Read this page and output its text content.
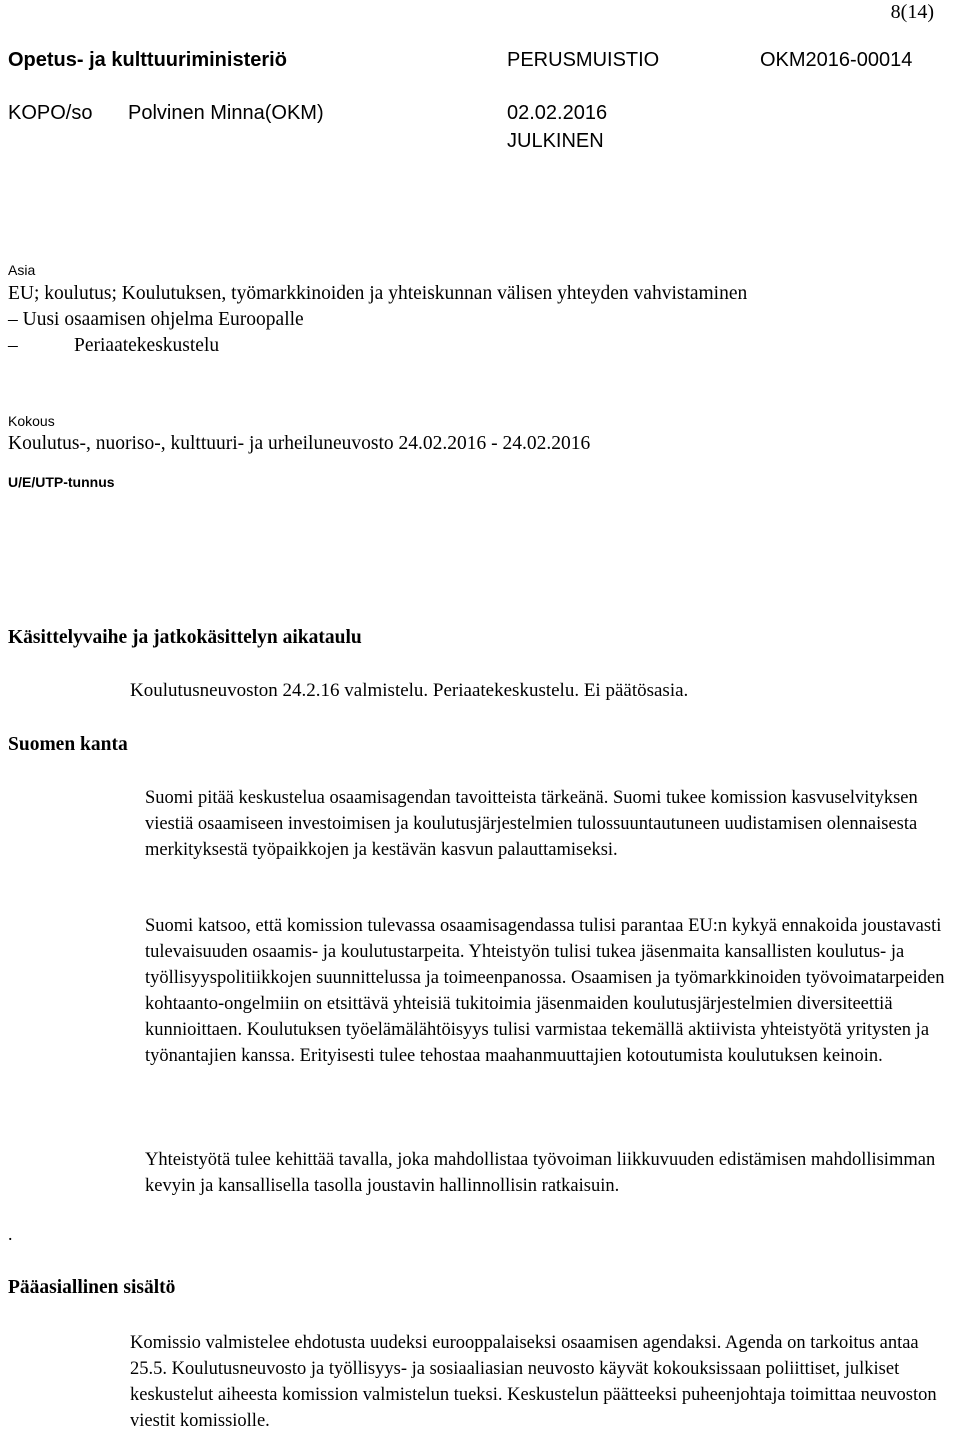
8(14)
Opetus- ja kulttuuriministeriö	PERUSMUISTIO	OKM2016-00014
KOPO/so Polvinen Minna(OKM)	02.02.2016
JULKINEN
Asia
EU; koulutus; Koulutuksen, työmarkkinoiden ja yhteiskunnan välisen yhteyden vahvistaminen
– Uusi osaamisen ohjelma Euroopalle
–	Periaatekeskustelu
Kokous
Koulutus-, nuoriso-, kulttuuri- ja urheiluneuvosto 24.02.2016 - 24.02.2016
U/E/UTP-tunnus
Käsittelyvaihe ja jatkokäsittelyn aikataulu
Koulutusneuvoston 24.2.16 valmistelu. Periaatekeskustelu. Ei päätösasia.
Suomen kanta
Suomi pitää keskustelua osaamisagendan tavoitteista tärkeänä. Suomi tukee komission kasvuselvityksen viestiä osaamiseen investoimisen ja koulutusjärjestelmien tulossuuntautuneen uudistamisen olennaisesta merkityksestä työpaikkojen ja kestävän kasvun palauttamiseksi.
Suomi katsoo, että komission tulevassa osaamisagendassa tulisi parantaa EU:n kykyä ennakoida joustavasti tulevaisuuden osaamis- ja koulutustarpeita. Yhteistyön tulisi tukea jäsenmaita kansallisten koulutus- ja työllisyyspolitiikkojen suunnittelussa ja toimeenpanossa. Osaamisen ja työmarkkinoiden työvoimatarpeiden kohtaanto-ongelmiin on etsittävä yhteisiä tukitoimia jäsenmaiden koulutusjärjestelmien diversiteettiä kunnioittaen. Koulutuksen työelämälähtöisyys tulisi varmistaa tekemällä aktiivista yhteistyötä yritysten ja työnantajien kanssa. Erityisesti tulee tehostaa maahanmuuttajien kotoutumista koulutuksen keinoin.
Yhteistyötä tulee kehittää tavalla, joka mahdollistaa työvoiman liikkuvuuden edistämisen mahdollisimman kevyin ja kansallisella tasolla joustavin hallinnollisin ratkaisuin.
.
Pääasiallinen sisältö
Komissio valmistelee ehdotusta uudeksi eurooppalaiseksi osaamisen agendaksi. Agenda on tarkoitus antaa 25.5. Koulutusneuvosto ja työllisyys- ja sosiaaliasian neuvosto käyvät kokouksissaan poliittiset, julkiset keskustelut aiheesta komission valmistelun tueksi. Keskustelun päätteeksi puheenjohtaja toimittaa neuvoston viestit komissiolle.
